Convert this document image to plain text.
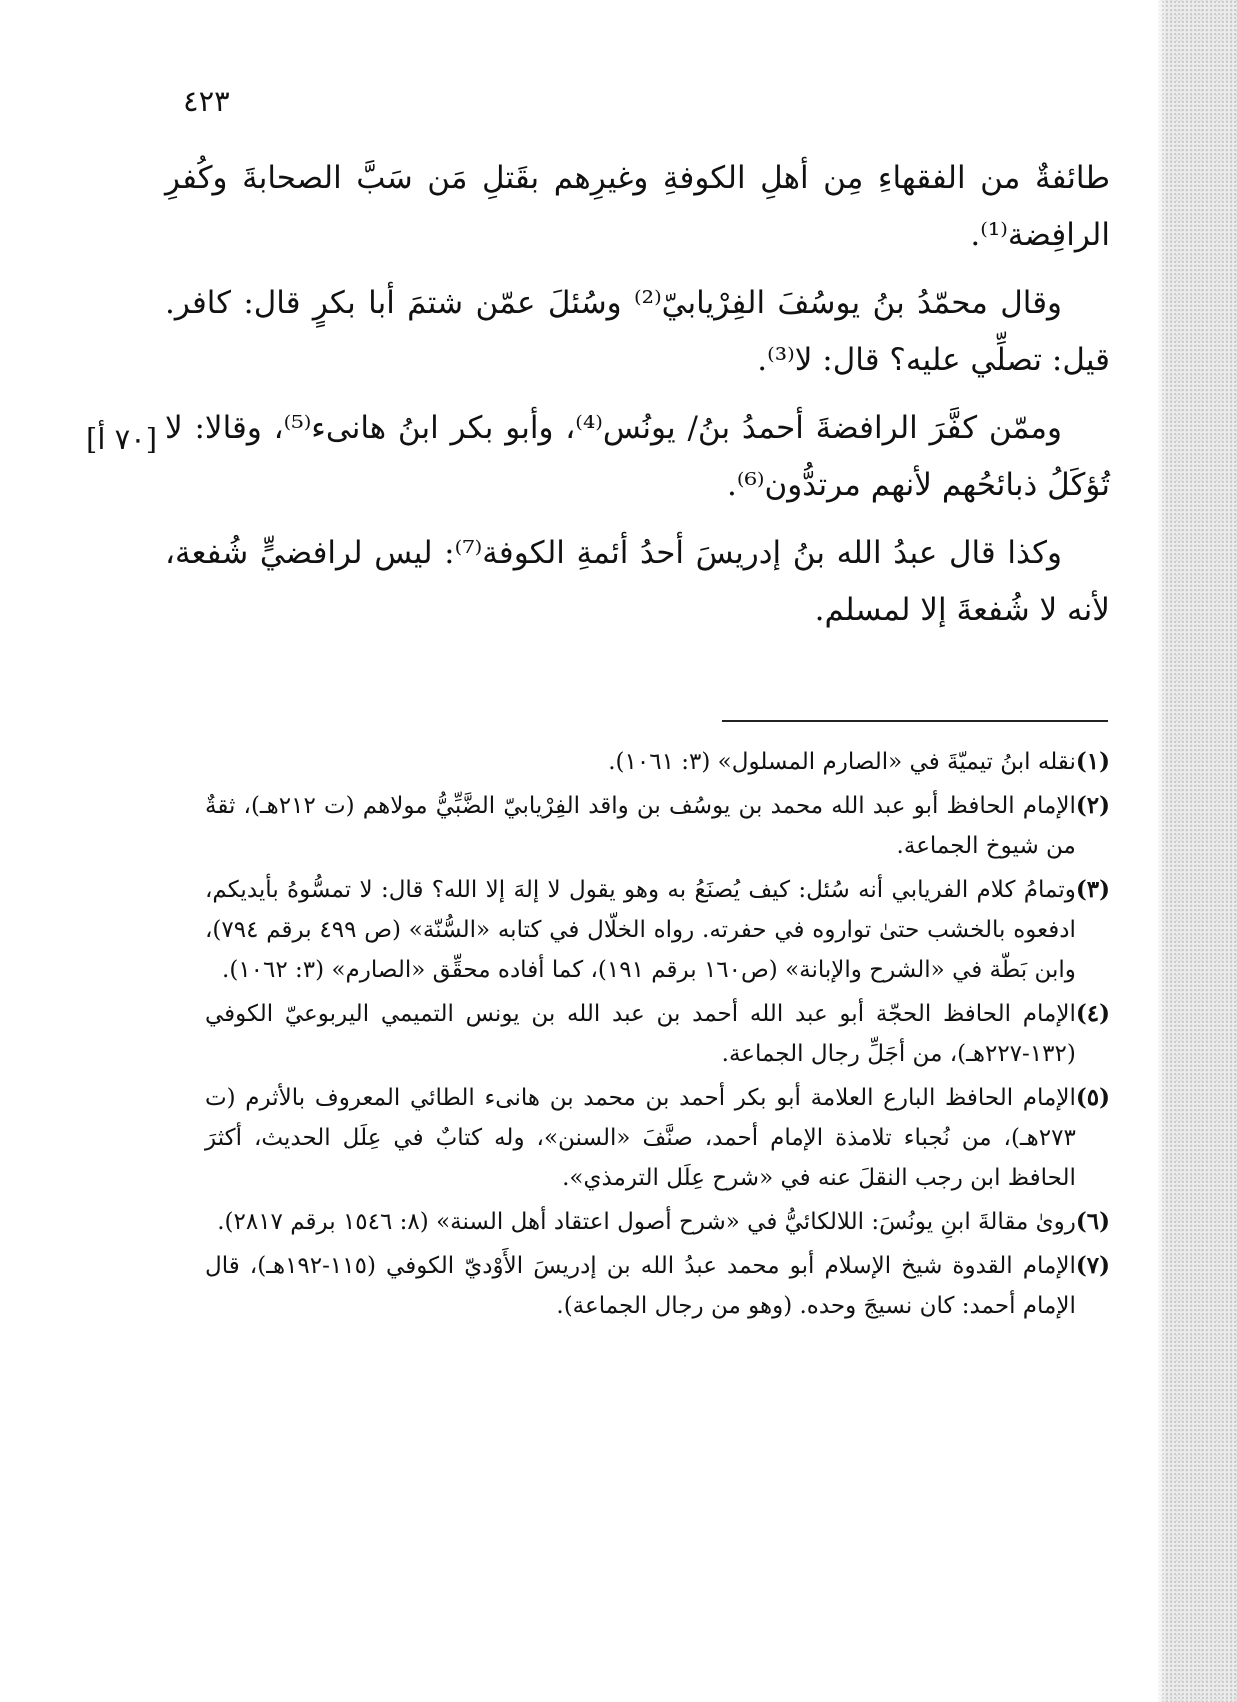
٤٢٣
[٧٠ أ]

طائفةٌ من الفقهاءِ مِن أهلِ الكوفةِ وغيرِهم بقَتلِ مَن سَبَّ الصحابةَ وكُفرِ الرافِضة⁽¹⁾.

وقال محمّدُ بنُ يوسُفَ الفِرْيابيّ⁽²⁾ وسُئلَ عمّن شتمَ أبا بكرٍ قال: كافر. قيل: تصلِّي عليه؟ قال: لا⁽³⁾.

وممّن كفَّرَ الرافضةَ أحمدُ بنُ/ يونُس⁽⁴⁾، وأبو بكر ابنُ هانىء⁽⁵⁾، وقالا: لا تُؤكَلُ ذبائحُهم لأنهم مرتدُّون⁽⁶⁾.

وكذا قال عبدُ الله بنُ إدريسَ أحدُ أئمةِ الكوفة⁽⁷⁾: ليس لرافضيٍّ شُفعة، لأنه لا شُفعةَ إلا لمسلم.

(١)
نقله ابنُ تيميّةَ في «الصارم المسلول» (٣: ١٠٦١).
(٢)
الإمام الحافظ أبو عبد الله محمد بن يوسُف بن واقد الفِرْيابيّ الضَّبِّيُّ مولاهم (ت ٢١٢هـ)، ثقةٌ من شيوخ الجماعة.
(٣)
وتمامُ كلام الفريابي أنه سُئل: كيف يُصنَعُ به وهو يقول لا إلهَ إلا الله؟ قال: لا تمسُّوهُ بأيديكم، ادفعوه بالخشب حتىٰ تواروه في حفرته. رواه الخلّال في كتابه «السُّنّة» (ص ٤٩٩ برقم ٧٩٤)، وابن بَطّة في «الشرح والإبانة» (ص١٦٠ برقم ١٩١)، كما أفاده محقِّق «الصارم» (٣: ١٠٦٢).
(٤)
الإمام الحافظ الحجّة أبو عبد الله أحمد بن عبد الله بن يونس التميمي اليربوعيّ الكوفي (١٣٢-٢٢٧هـ)، من أجَلِّ رجال الجماعة.
(٥)
الإمام الحافظ البارع العلامة أبو بكر أحمد بن محمد بن هانىء الطائي المعروف بالأثرم (ت ٢٧٣هـ)، من نُجباء تلامذة الإمام أحمد، صنَّفَ «السنن»، وله كتابٌ في عِلَل الحديث، أكثرَ الحافظ ابن رجب النقلَ عنه في «شرح عِلَل الترمذي».
(٦)
روىٰ مقالةَ ابنِ يونُسَ: اللالكائيُّ في «شرح أصول اعتقاد أهل السنة» (٨: ١٥٤٦ برقم ٢٨١٧).
(٧)
الإمام القدوة شيخ الإسلام أبو محمد عبدُ الله بن إدريسَ الأَوْديّ الكوفي (١١٥-١٩٢هـ)، قال الإمام أحمد: كان نسيجَ وحده. (وهو من رجال الجماعة).
